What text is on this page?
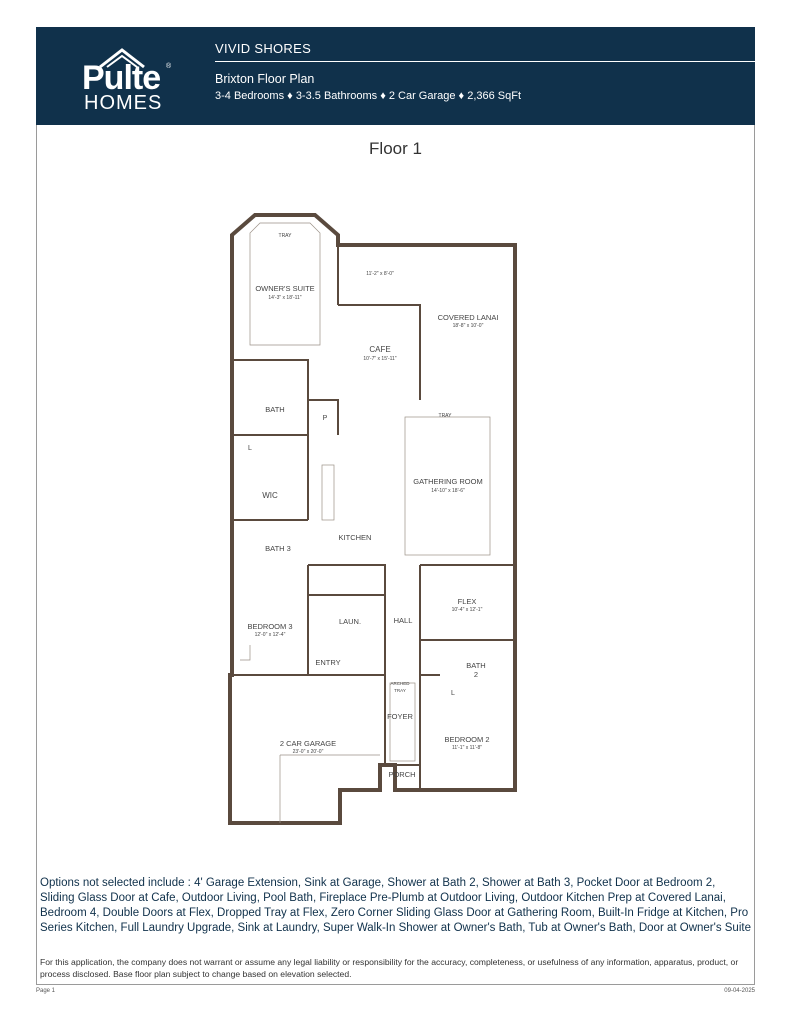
Pulte ®
HOMES
VIVID SHORES
Brixton Floor Plan
3-4 Bedrooms ♦ 3-3.5 Bathrooms ♦ 2 Car Garage ♦ 2,366 SqFt
Floor 1
TRAY
OWNER'S SUITE
14'-3" x 18'-11"
11'-2" x 8'-0"
COVERED LANAI
18'-8" x 10'-0"
CAFE
10'-7" x 15'-11"
BATH
P	TRAY
L
WIC
GATHERING ROOM
14'-10" x 18'-6"
KITCHEN
BATH 3
FLEX
10'-4" x 12'-1"
BEDROOM 3
12'-0" x 12'-4"
LAUN.	HALL
ENTRY	BATH
2
ARCHED
TRAY	L
FOYER
BEDROOM 2
11'-1" x 11'-8"
2 CAR GARAGE
23'-0" x 20'-0"
PORCH
Options not selected include : 4' Garage Extension, Sink at Garage, Shower at Bath 2, Shower at Bath 3, Pocket Door at Bedroom 2, Sliding Glass Door at Cafe, Outdoor Living, Pool Bath, Fireplace Pre-Plumb at Outdoor Living, Outdoor Kitchen Prep at Covered Lanai, Bedroom 4, Double Doors at Flex, Dropped Tray at Flex, Zero Corner Sliding Glass Door at Gathering Room, Built-In Fridge at Kitchen, Pro Series Kitchen, Full Laundry Upgrade, Sink at Laundry, Super Walk-In Shower at Owner's Bath, Tub at Owner's Bath, Door at Owner's Suite
For this application, the company does not warrant or assume any legal liability or responsibility for the accuracy, completeness, or usefulness of any information, apparatus, product, or process disclosed. Base floor plan subject to change based on elevation selected.
Page 1	09-04-2025
